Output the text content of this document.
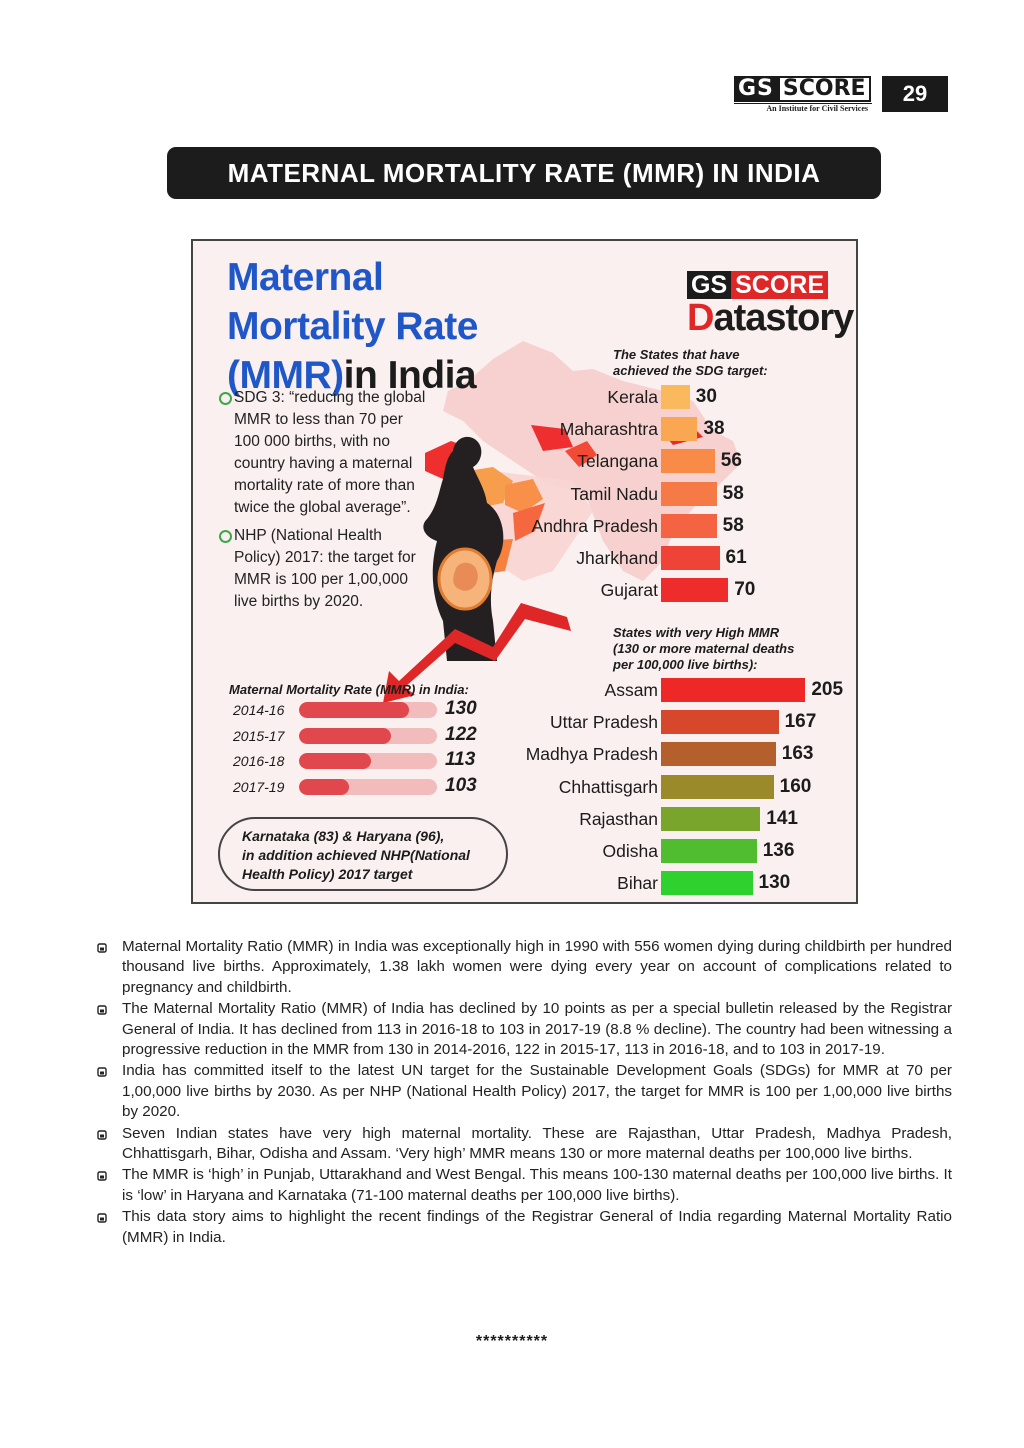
GS SCORE
An Institute for Civil Services
29
MATERNAL MORTALITY RATE (MMR) IN INDIA
Maternal
Mortality Rate
(MMR)in India
SDG 3: “reducing the global MMR to less than 70 per 100 000 births, with no country having a maternal mortality rate of more than twice the global average”.
NHP (National Health Policy) 2017: the target for MMR is 100 per 1,00,000 live births by 2020.
GS SCORE
Datastory
The States that have
achieved the SDG target:
Kerala 30
Maharashtra 38
Telangana	56
Tamil Nadu	58
Andhra Pradesh	58
Jharkhand	61
Gujarat	70
States with very High MMR
(130 or more maternal deaths
per 100,000 live births):
Assam	205
Uttar Pradesh	167
Madhya Pradesh	163
Chhattisgarh	160
Rajasthan	141
Odisha	136
Bihar	130
Maternal Mortality Rate (MMR) in India:
2014-16	130
2015-17	122
2016-18	113
2017-19	103
Karnataka (83) & Haryana (96),
in addition achieved NHP(National
Health Policy) 2017 target
Maternal Mortality Ratio (MMR) in India was exceptionally high in 1990 with 556 women dying during childbirth per hundred thousand live births. Approximately, 1.38 lakh women were dying every year on account of complications related to pregnancy and childbirth.
The Maternal Mortality Ratio (MMR) of India has declined by 10 points as per a special bulletin released by the Registrar General of India. It has declined from 113 in 2016-18 to 103 in 2017-19 (8.8 % decline). The country had been witnessing a progressive reduction in the MMR from 130 in 2014-2016, 122 in 2015-17, 113 in 2016-18, and to 103 in 2017-19.
India has committed itself to the latest UN target for the Sustainable Development Goals (SDGs) for MMR at 70 per 1,00,000 live births by 2030. As per NHP (National Health Policy) 2017, the target for MMR is 100 per 1,00,000 live births by 2020.
Seven Indian states have very high maternal mortality. These are Rajasthan, Uttar Pradesh, Madhya Pradesh, Chhattisgarh, Bihar, Odisha and Assam. ‘Very high’ MMR means 130 or more maternal deaths per 100,000 live births.
The MMR is ‘high’ in Punjab, Uttarakhand and West Bengal. This means 100-130 maternal deaths per 100,000 live births. It is ‘low’ in Haryana and Karnataka (71-100 maternal deaths per 100,000 live births).
This data story aims to highlight the recent findings of the Registrar General of India regarding Maternal Mortality Ratio (MMR) in India.
**********
